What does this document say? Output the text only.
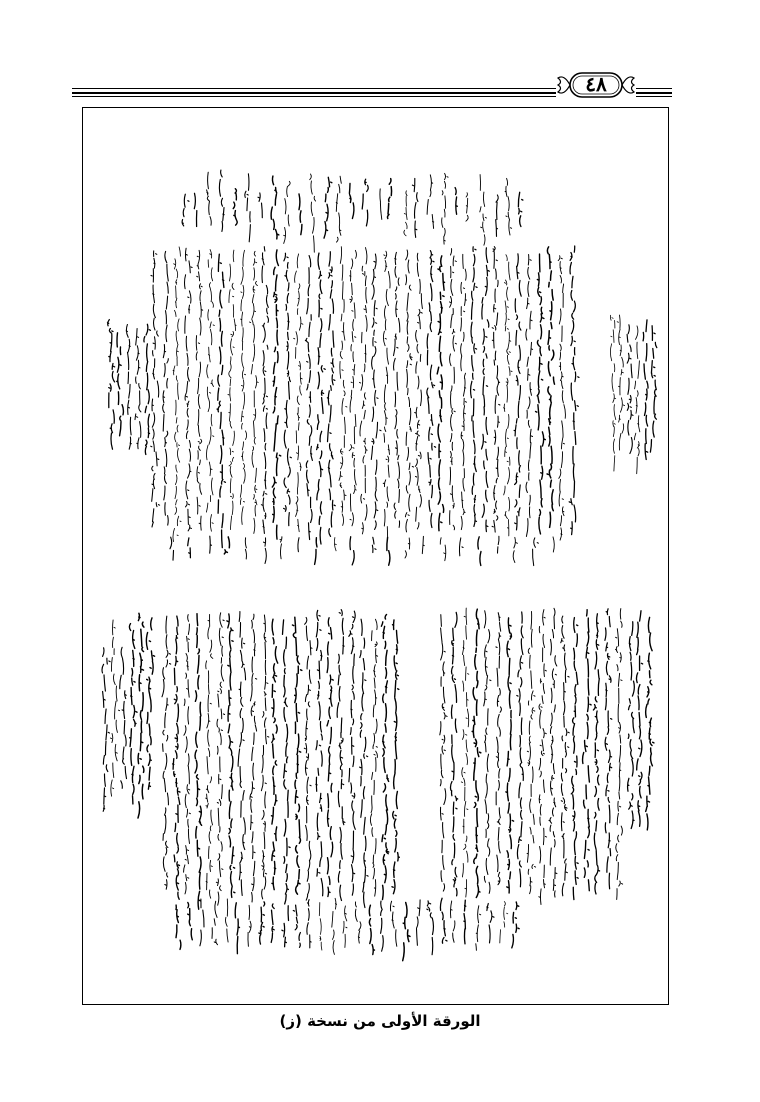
٤٨
الورقة الأولى من نسخة (ز)
